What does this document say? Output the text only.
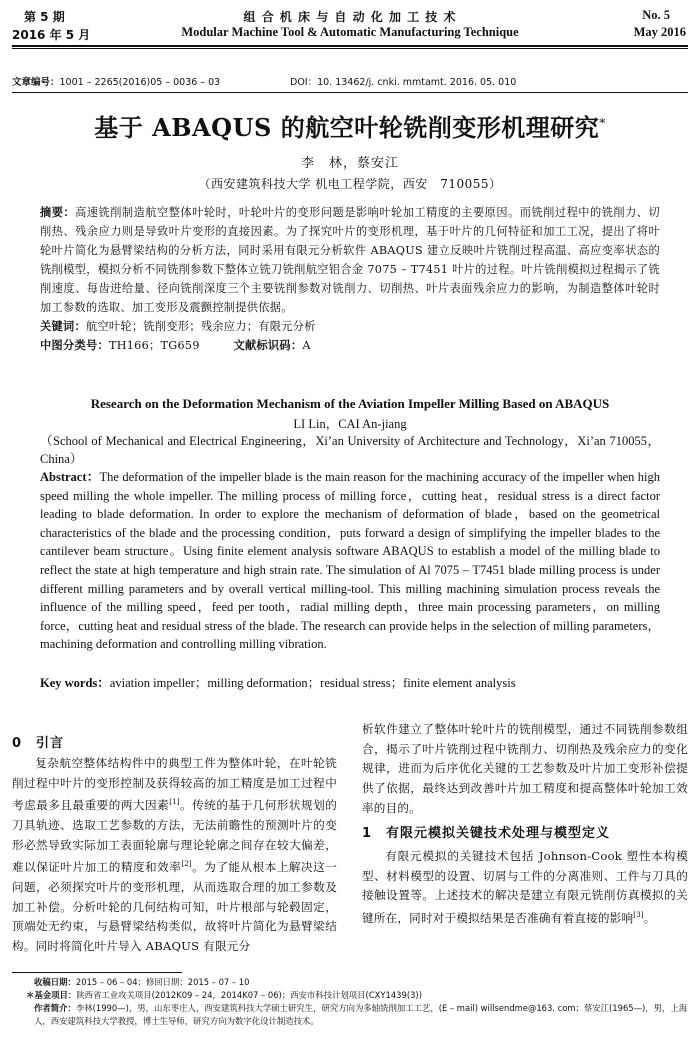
第 5 期
2016 年 5 月
组 合 机 床 与 自 动 化 加 工 技 术
Modular Machine Tool & Automatic Manufacturing Technique
No. 5
May 2016
文章编号：1001 – 2265(2016)05 – 0036 – 03	DOI：10. 13462/j. cnki. mmtamt. 2016. 05. 010
基于 ABAQUS 的航空叶轮铣削变形机理研究*
李　林，蔡安江
（西安建筑科技大学 机电工程学院，西安　710055）
摘要：高速铣削制造航空整体叶轮时，叶轮叶片的变形问题是影响叶轮加工精度的主要原因。而铣削过程中的铣削力、切削热、残余应力则是导致叶片变形的直接因素。为了探究叶片的变形机理，基于叶片的几何特征和加工工况，提出了将叶轮叶片简化为悬臂梁结构的分析方法，同时采用有限元分析软件 ABAQUS 建立反映叶片铣削过程高温、高应变率状态的铣削模型，模拟分析不同铣削参数下整体立铣刀铣削航空铝合金 7075 – T7451 叶片的过程。叶片铣削模拟过程揭示了铣削速度、每齿进给量、径向铣削深度三个主要铣削参数对铣削力、切削热、叶片表面残余应力的影响，为制造整体叶轮时加工参数的选取、加工变形及震颤控制提供依据。
关键词：航空叶轮；铣削变形；残余应力；有限元分析
中图分类号：TH166；TG659	文献标识码：A
Research on the Deformation Mechanism of the Aviation Impeller Milling Based on ABAQUS
LI Lin，CAI An-jiang
（School of Mechanical and Electrical Engineering，Xi’an University of Architecture and Technology，Xi’an 710055，China）
Abstract：The deformation of the impeller blade is the main reason for the machining accuracy of the impeller when high speed milling the whole impeller. The milling process of milling force，cutting heat，residual stress is a direct factor leading to blade deformation. In order to explore the mechanism of deformation of blade，based on the geometrical characteristics of the blade and the processing condition，puts forward a design of simplifying the impeller blades to the cantilever beam structure。Using finite element analysis software ABAQUS to establish a model of the milling blade to reflect the state at high temperature and high strain rate. The simulation of Al 7075 – T7451 blade milling process is under different milling parameters and by overall vertical milling-tool. This milling machining simulation process reveals the influence of the milling speed，feed per tooth，radial milling depth，three main processing parameters，on milling force，cutting heat and residual stress of the blade. The research can provide helps in the selection of milling parameters，machining deformation and controlling milling vibration.
Key words：aviation impeller；milling deformation；residual stress；finite element analysis
0　引言

复杂航空整体结构件中的典型工件为整体叶轮，在叶轮铣削过程中叶片的变形控制及获得较高的加工精度是加工过程中考虑最多且最重要的两大因素[1]。传统的基于几何形状规划的刀具轨迹、选取工艺参数的方法，无法前瞻性的预测叶片的变形必然导致实际加工表面轮廓与理论轮廓之间存在较大偏差，难以保证叶片加工的精度和效率[2]。为了能从根本上解决这一问题，必须探究叶片的变形机理，从而选取合理的加工参数及加工补偿。分析叶轮的几何结构可知，叶片根部与轮毂固定，顶端处无约束，与悬臂梁结构类似，故将叶片简化为悬臂梁结构。同时将简化叶片导入 ABAQUS 有限元分

析软件建立了整体叶轮叶片的铣削模型，通过不同铣削参数组合，揭示了叶片铣削过程中铣削力、切削热及残余应力的变化规律，进而为后序优化关键的工艺参数及叶片加工变形补偿提供了依据，最终达到改善叶片加工精度和提高整体叶轮加工效率的目的。
1　有限元模拟关键技术处理与模型定义

有限元模拟的关键技术包括 Johnson-Cook 塑性本构模型、材料模型的设置、切屑与工件的分离准则、工件与刀具的接触设置等。上述技术的解决是建立有限元铣削仿真模拟的关键所在，同时对于模拟结果是否准确有着直接的影响[3]。

收稿日期：2015 – 06 – 04；修回日期：2015 – 07 – 10
＊基金项目：陕西省工业攻关项目(2012K09 – 24，2014K07 – 06)；西安市科技计划项目(CXY1439(3))
作者简介：李林(1990—)，男，山东枣庄人，西安建筑科技大学硕士研究生，研究方向为多轴铣削加工工艺，(E – mail) willsendme@163. com；蔡安江(1965—)，男，上海人，西安建筑科技大学教授，博士生导师，研究方向为数字化设计制造技术。
